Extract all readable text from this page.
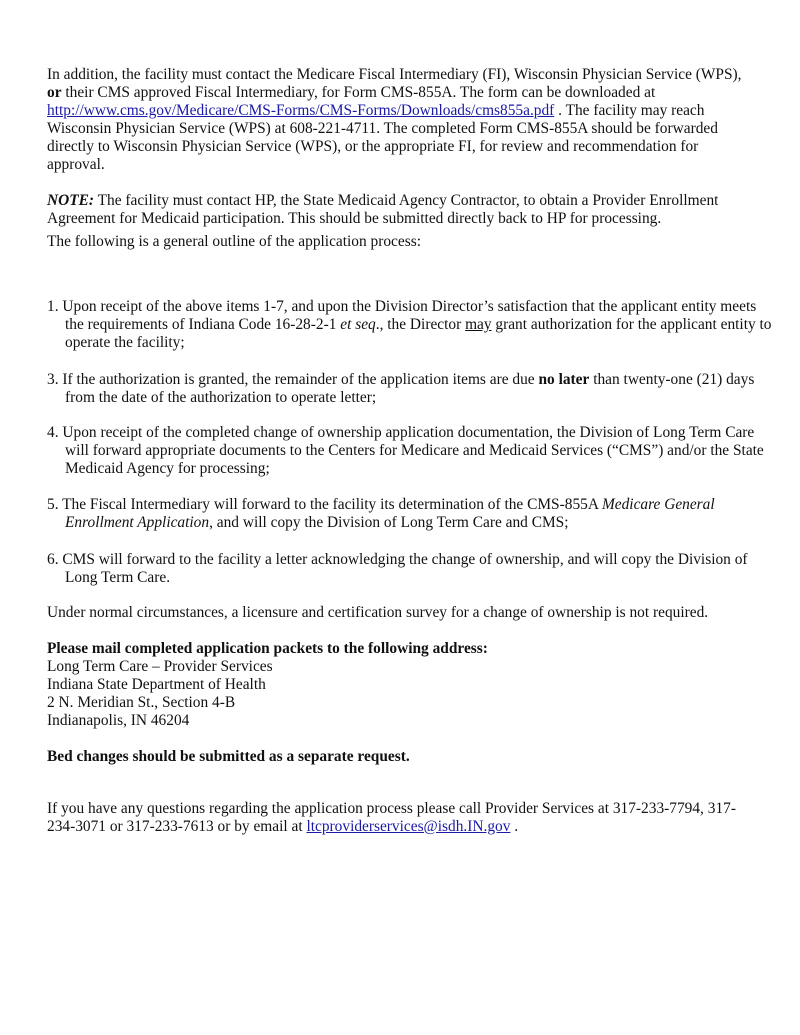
In addition, the facility must contact the Medicare Fiscal Intermediary (FI), Wisconsin Physician Service (WPS), or their CMS approved Fiscal Intermediary, for Form CMS-855A. The form can be downloaded at http://www.cms.gov/Medicare/CMS-Forms/CMS-Forms/Downloads/cms855a.pdf . The facility may reach Wisconsin Physician Service (WPS) at 608-221-4711. The completed Form CMS-855A should be forwarded directly to Wisconsin Physician Service (WPS), or the appropriate FI, for review and recommendation for approval.

NOTE: The facility must contact HP, the State Medicaid Agency Contractor, to obtain a Provider Enrollment Agreement for Medicaid participation. This should be submitted directly back to HP for processing.

The following is a general outline of the application process:

1. Upon receipt of the above items 1-7, and upon the Division Director’s satisfaction that the applicant entity meets the requirements of Indiana Code 16-28-2-1 et seq., the Director may grant authorization for the applicant entity to operate the facility;

3. If the authorization is granted, the remainder of the application items are due no later than twenty-one (21) days from the date of the authorization to operate letter;

4. Upon receipt of the completed change of ownership application documentation, the Division of Long Term Care will forward appropriate documents to the Centers for Medicare and Medicaid Services (“CMS”) and/or the State Medicaid Agency for processing;

5. The Fiscal Intermediary will forward to the facility its determination of the CMS-855A Medicare General Enrollment Application, and will copy the Division of Long Term Care and CMS;

6. CMS will forward to the facility a letter acknowledging the change of ownership, and will copy the Division of Long Term Care.

Under normal circumstances, a licensure and certification survey for a change of ownership is not required.

Please mail completed application packets to the following address:
Long Term Care – Provider Services
Indiana State Department of Health
2 N. Meridian St., Section 4-B
Indianapolis, IN 46204

Bed changes should be submitted as a separate request.

If you have any questions regarding the application process please call Provider Services at 317-233-7794, 317-234-3071 or 317-233-7613 or by email at ltcproviderservices@isdh.IN.gov .
